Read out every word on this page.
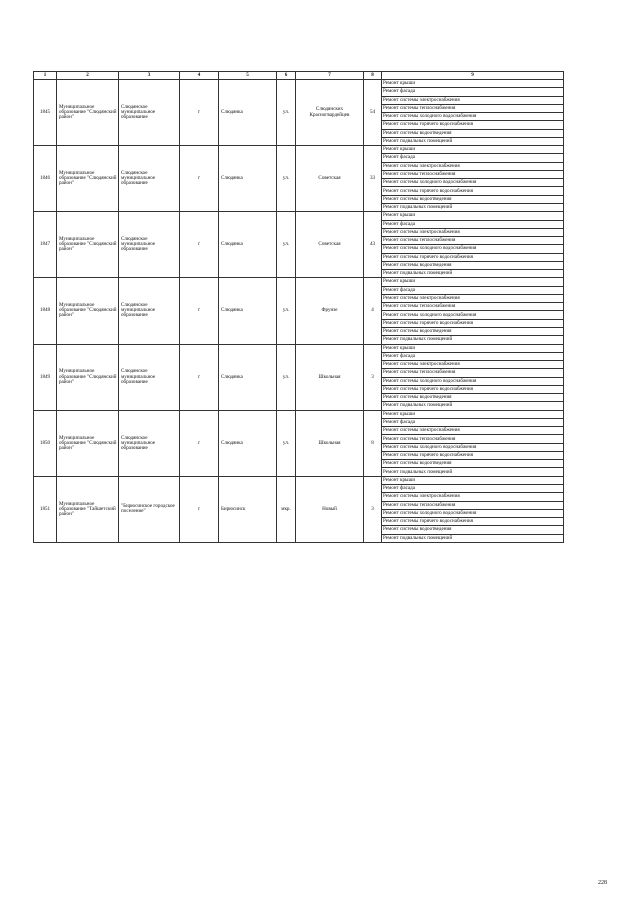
1	2	3	4	5	6	7	8	9
1845	Муниципальное образование "Слюдянский район"	Слюдянское муниципальное образование	г	Слюдянка	ул.	Слюдянских Красногвардейцев	54	Ремонт крыши
								Ремонт фасада
								Ремонт системы электроснабжения
								Ремонт системы теплоснабжения
								Ремонт системы холодного водоснабжения
								Ремонт системы горячего водоснабжения
								Ремонт системы водоотведения
								Ремонт подвальных помещений
1846	Муниципальное образование "Слюдянский район"	Слюдянское муниципальное образование	г	Слюдянка	ул.	Советская	33	Ремонт крыши
								Ремонт фасада
								Ремонт системы электроснабжения
								Ремонт системы теплоснабжения
								Ремонт системы холодного водоснабжения
								Ремонт системы горячего водоснабжения
								Ремонт системы водоотведения
								Ремонт подвальных помещений
1847	Муниципальное образование "Слюдянский район"	Слюдянское муниципальное образование	г	Слюдянка	ул.	Советская	43	Ремонт крыши
								Ремонт фасада
								Ремонт системы электроснабжения
								Ремонт системы теплоснабжения
								Ремонт системы холодного водоснабжения
								Ремонт системы горячего водоснабжения
								Ремонт системы водоотведения
								Ремонт подвальных помещений
1848	Муниципальное образование "Слюдянский район"	Слюдянское муниципальное образование	г	Слюдянка	ул.	Фрунзе	4	Ремонт крыши
								Ремонт фасада
								Ремонт системы электроснабжения
								Ремонт системы теплоснабжения
								Ремонт системы холодного водоснабжения
								Ремонт системы горячего водоснабжения
								Ремонт системы водоотведения
								Ремонт подвальных помещений
1849	Муниципальное образование "Слюдянский район"	Слюдянское муниципальное образование	г	Слюдянка	ул.	Школьная	3	Ремонт крыши
								Ремонт фасада
								Ремонт системы электроснабжения
								Ремонт системы теплоснабжения
								Ремонт системы холодного водоснабжения
								Ремонт системы горячего водоснабжения
								Ремонт системы водоотведения
								Ремонт подвальных помещений
1850	Муниципальное образование "Слюдянский район"	Слюдянское муниципальное образование	г	Слюдянка	ул.	Школьная	8	Ремонт крыши
								Ремонт фасада
								Ремонт системы электроснабжения
								Ремонт системы теплоснабжения
								Ремонт системы холодного водоснабжения
								Ремонт системы горячего водоснабжения
								Ремонт системы водоотведения
								Ремонт подвальных помещений
1851	Муниципальное образование "Тайшетский район"	"Бирюсинское городское поселение"	г	Бирюсинск	мкр.	Новый	3	Ремонт крыши
								Ремонт фасада
								Ремонт системы электроснабжения
								Ремонт системы теплоснабжения
								Ремонт системы холодного водоснабжения
								Ремонт системы горячего водоснабжения
								Ремонт системы водоотведения
								Ремонт подвальных помещений
228
